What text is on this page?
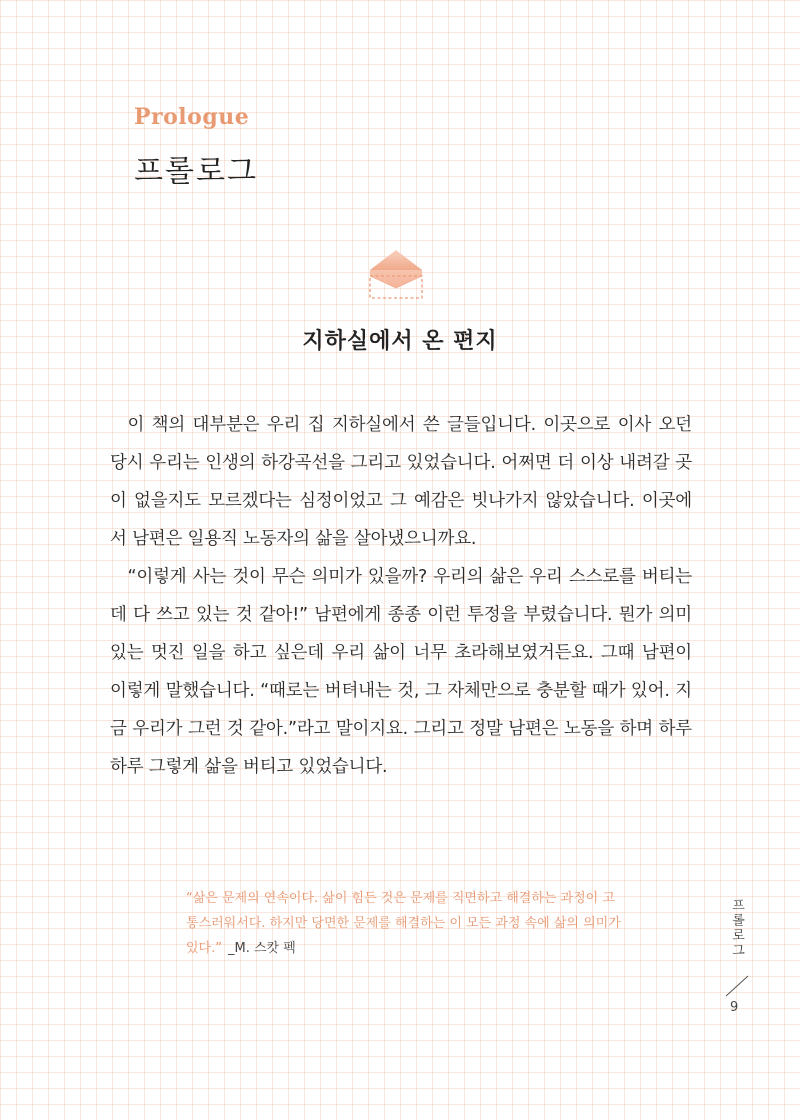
Prologue
프롤로그
지하실에서 온 편지

이 책의 대부분은 우리 집 지하실에서 쓴 글들입니다. 이곳으로 이사 오던 당시 우리는 인생의 하강곡선을 그리고 있었습니다. 어쩌면 더 이상 내려갈 곳이 없을지도 모르겠다는 심정이었고 그 예감은 빗나가지 않았습니다. 이곳에서 남편은 일용직 노동자의 삶을 살아냈으니까요.

“이렇게 사는 것이 무슨 의미가 있을까? 우리의 삶은 우리 스스로를 버티는데 다 쓰고 있는 것 같아!” 남편에게 종종 이런 투정을 부렸습니다. 뭔가 의미 있는 멋진 일을 하고 싶은데 우리 삶이 너무 초라해보였거든요. 그때 남편이 이렇게 말했습니다. “때로는 버텨내는 것, 그 자체만으로 충분할 때가 있어. 지금 우리가 그런 것 같아.”라고 말이지요. 그리고 정말 남편은 노동을 하며 하루하루 그렇게 삶을 버티고 있었습니다.

“삶은 문제의 연속이다. 삶이 힘든 것은 문제를 직면하고 해결하는 과정이 고통스러워서다. 하지만 당면한 문제를 해결하는 이 모든 과정 속에 삶의 의미가 있다.” _M. 스캇 펙	프롤로그
9
